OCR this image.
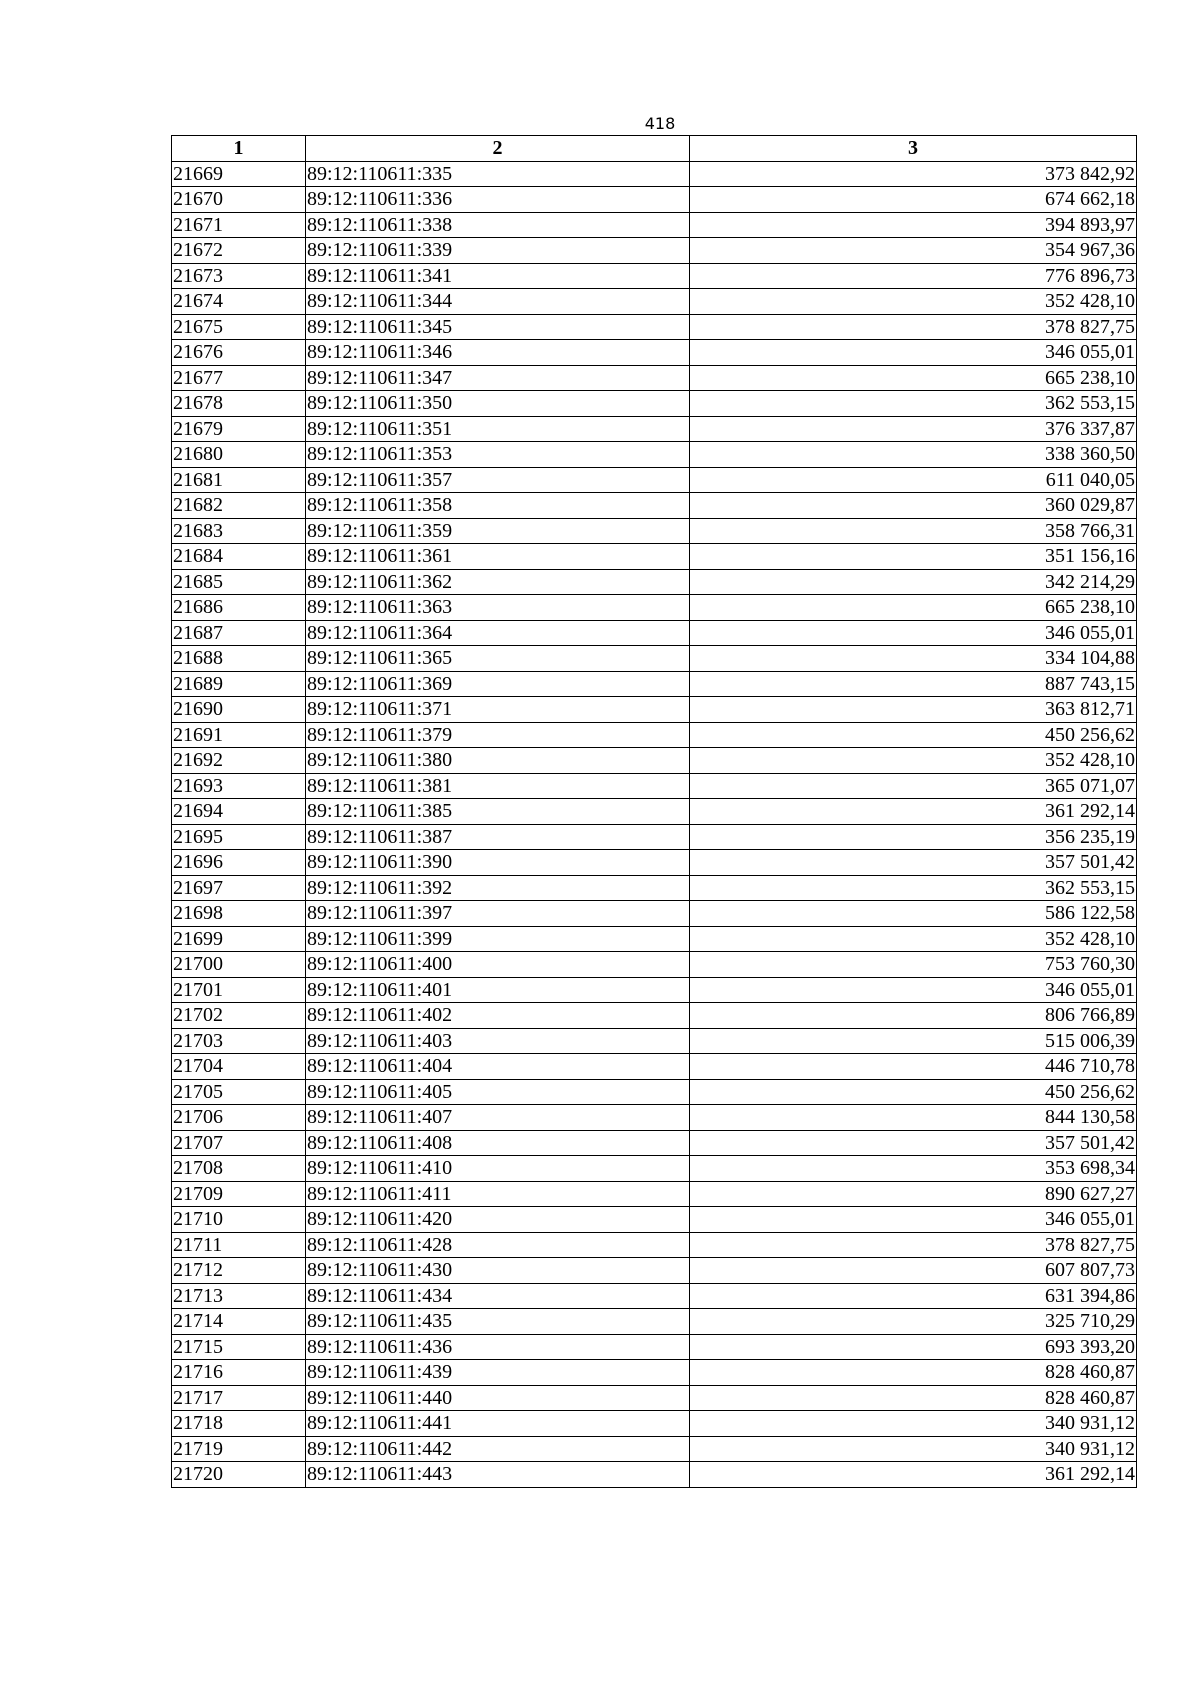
418
1	2	3
21669	89:12:110611:335	373 842,92
21670	89:12:110611:336	674 662,18
21671	89:12:110611:338	394 893,97
21672	89:12:110611:339	354 967,36
21673	89:12:110611:341	776 896,73
21674	89:12:110611:344	352 428,10
21675	89:12:110611:345	378 827,75
21676	89:12:110611:346	346 055,01
21677	89:12:110611:347	665 238,10
21678	89:12:110611:350	362 553,15
21679	89:12:110611:351	376 337,87
21680	89:12:110611:353	338 360,50
21681	89:12:110611:357	611 040,05
21682	89:12:110611:358	360 029,87
21683	89:12:110611:359	358 766,31
21684	89:12:110611:361	351 156,16
21685	89:12:110611:362	342 214,29
21686	89:12:110611:363	665 238,10
21687	89:12:110611:364	346 055,01
21688	89:12:110611:365	334 104,88
21689	89:12:110611:369	887 743,15
21690	89:12:110611:371	363 812,71
21691	89:12:110611:379	450 256,62
21692	89:12:110611:380	352 428,10
21693	89:12:110611:381	365 071,07
21694	89:12:110611:385	361 292,14
21695	89:12:110611:387	356 235,19
21696	89:12:110611:390	357 501,42
21697	89:12:110611:392	362 553,15
21698	89:12:110611:397	586 122,58
21699	89:12:110611:399	352 428,10
21700	89:12:110611:400	753 760,30
21701	89:12:110611:401	346 055,01
21702	89:12:110611:402	806 766,89
21703	89:12:110611:403	515 006,39
21704	89:12:110611:404	446 710,78
21705	89:12:110611:405	450 256,62
21706	89:12:110611:407	844 130,58
21707	89:12:110611:408	357 501,42
21708	89:12:110611:410	353 698,34
21709	89:12:110611:411	890 627,27
21710	89:12:110611:420	346 055,01
21711	89:12:110611:428	378 827,75
21712	89:12:110611:430	607 807,73
21713	89:12:110611:434	631 394,86
21714	89:12:110611:435	325 710,29
21715	89:12:110611:436	693 393,20
21716	89:12:110611:439	828 460,87
21717	89:12:110611:440	828 460,87
21718	89:12:110611:441	340 931,12
21719	89:12:110611:442	340 931,12
21720	89:12:110611:443	361 292,14
